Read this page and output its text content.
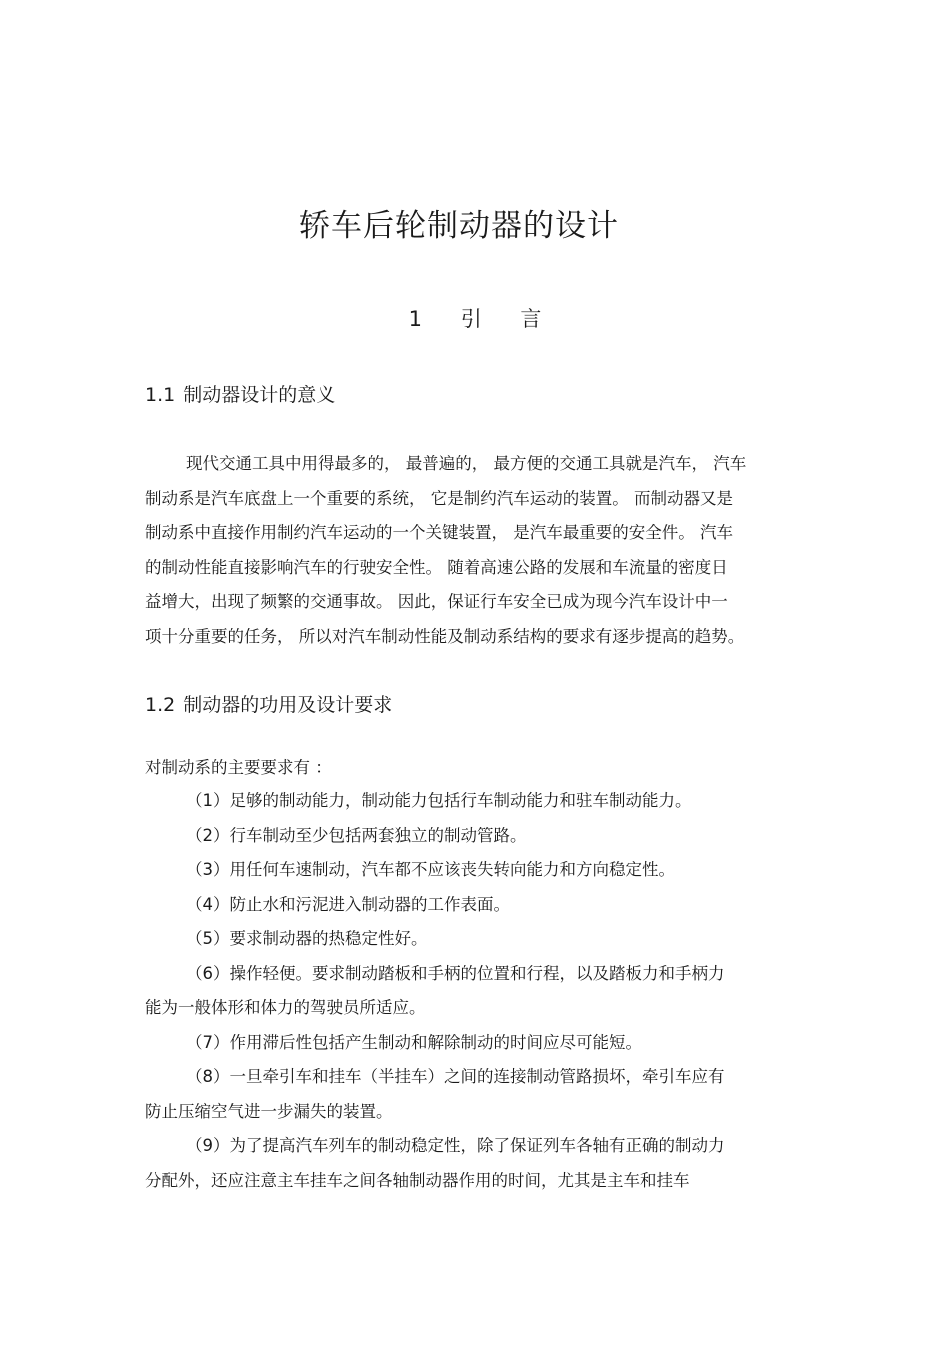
轿车后轮制动器的设计
1 引 言
1.1 制动器设计的意义
现代交通工具中用得最多的， 最普遍的， 最方便的交通工具就是汽车， 汽车
制动系是汽车底盘上一个重要的系统， 它是制约汽车运动的装置。 而制动器又是
制动系中直接作用制约汽车运动的一个关键装置， 是汽车最重要的安全件。 汽车
的制动性能直接影响汽车的行驶安全性。 随着高速公路的发展和车流量的密度日
益增大，出现了频繁的交通事故。 因此，保证行车安全已成为现今汽车设计中一
项十分重要的任务， 所以对汽车制动性能及制动系结构的要求有逐步提高的趋势。
1.2 制动器的功用及设计要求
对制动系的主要要求有 ：
（1）足够的制动能力，制动能力包括行车制动能力和驻车制动能力。
（2）行车制动至少包括两套独立的制动管路。
（3）用任何车速制动，汽车都不应该丧失转向能力和方向稳定性。
（4）防止水和污泥进入制动器的工作表面。
（5）要求制动器的热稳定性好。
（6）操作轻便。要求制动踏板和手柄的位置和行程，以及踏板力和手柄力
能为一般体形和体力的驾驶员所适应。
（7）作用滞后性包括产生制动和解除制动的时间应尽可能短。
（8）一旦牵引车和挂车（半挂车）之间的连接制动管路损坏，牵引车应有
防止压缩空气进一步漏失的装置。
（9）为了提高汽车列车的制动稳定性，除了保证列车各轴有正确的制动力
分配外，还应注意主车挂车之间各轴制动器作用的时间，尤其是主车和挂车
